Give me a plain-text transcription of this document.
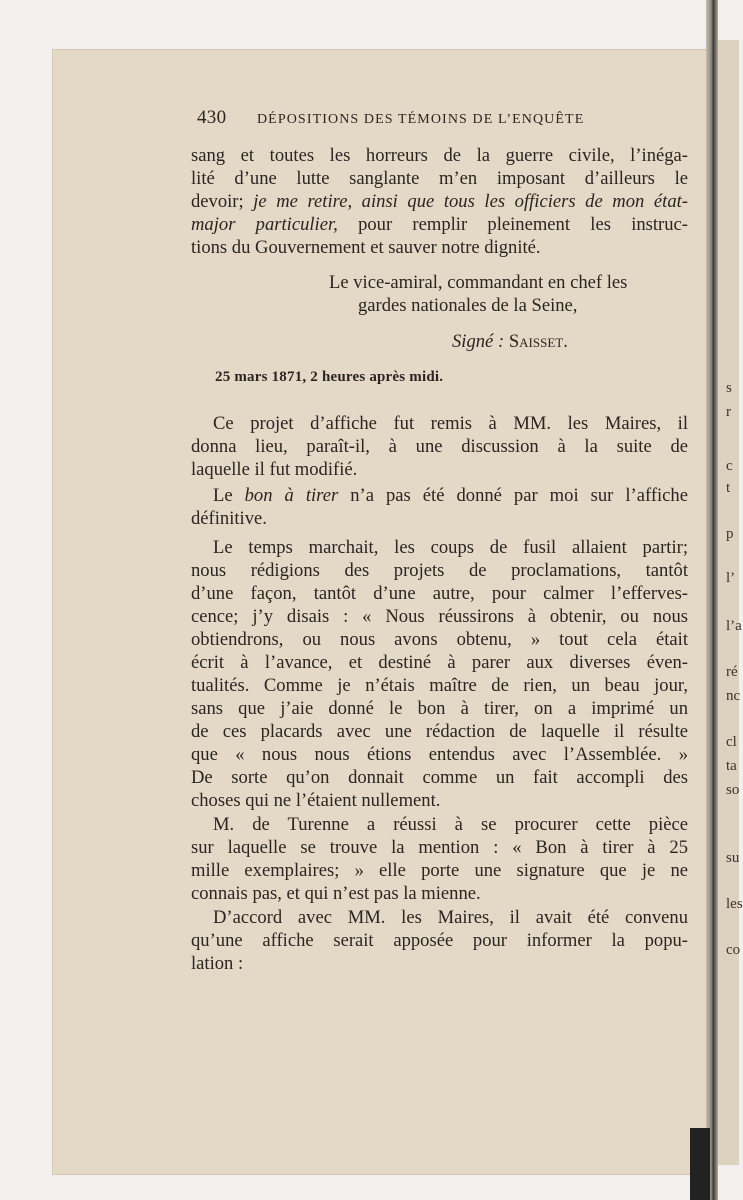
s
r
c
t
p
l’
l’a
ré
nc
cl
ta
so
su
les
co
430 DÉPOSITIONS DES TÉMOINS DE L’ENQUÊTE
sang et toutes les horreurs de la guerre civile, l’inéga-
lité d’une lutte sanglante m’en imposant d’ailleurs le
devoir; je me retire, ainsi que tous les officiers de mon état-
major particulier, pour remplir pleinement les instruc-
tions du Gouvernement et sauver notre dignité.
Le vice-amiral, commandant en chef les
gardes nationales de la Seine,
Signé : Saisset.
25 mars 1871, 2 heures après midi.
Ce projet d’affiche fut remis à MM. les Maires, il
donna lieu, paraît-il, à une discussion à la suite de
laquelle il fut modifié.
Le bon à tirer n’a pas été donné par moi sur l’affiche
définitive.
Le temps marchait, les coups de fusil allaient partir;
nous rédigions des projets de proclamations, tantôt
d’une façon, tantôt d’une autre, pour calmer l’efferves-
cence; j’y disais : « Nous réussirons à obtenir, ou nous
obtiendrons, ou nous avons obtenu, » tout cela était
écrit à l’avance, et destiné à parer aux diverses éven-
tualités. Comme je n’étais maître de rien, un beau jour,
sans que j’aie donné le bon à tirer, on a imprimé un
de ces placards avec une rédaction de laquelle il résulte
que « nous nous étions entendus avec l’Assemblée. »
De sorte qu’on donnait comme un fait accompli des
choses qui ne l’étaient nullement.
M. de Turenne a réussi à se procurer cette pièce
sur laquelle se trouve la mention : « Bon à tirer à 25
mille exemplaires; » elle porte une signature que je ne
connais pas, et qui n’est pas la mienne.
D’accord avec MM. les Maires, il avait été convenu
qu’une affiche serait apposée pour informer la popu-
lation :
